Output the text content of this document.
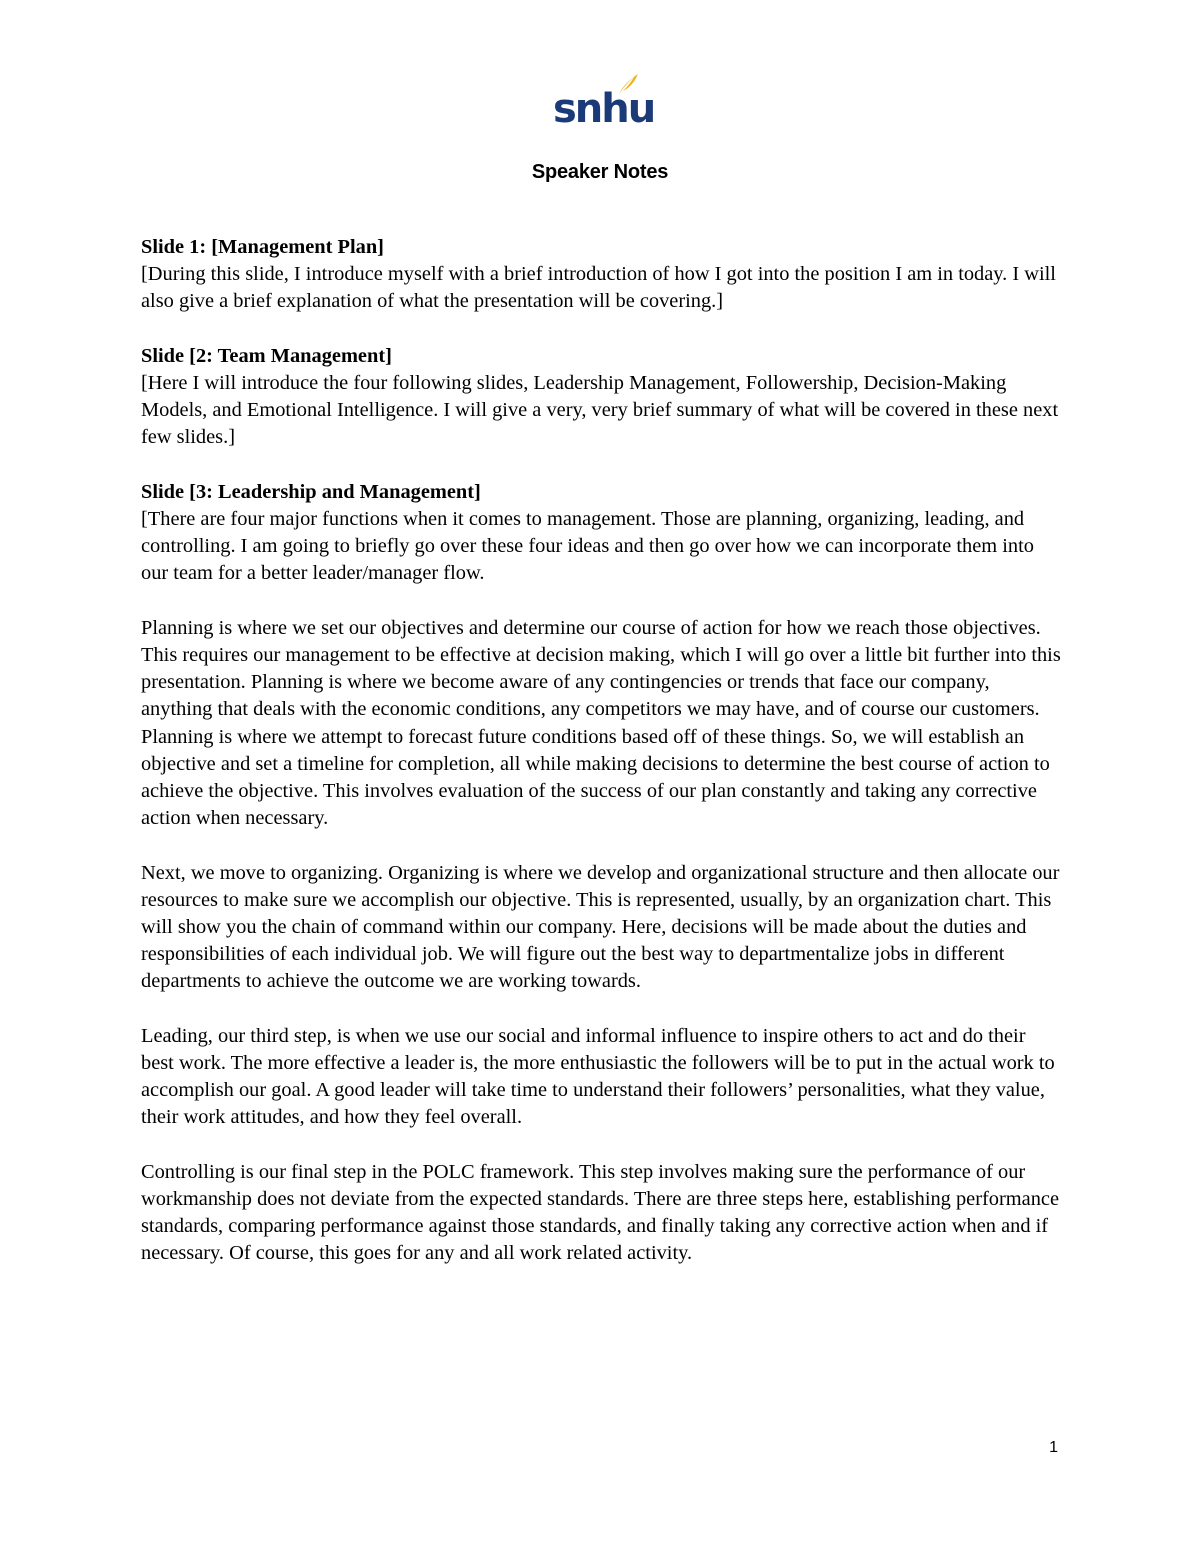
snhu
Speaker Notes
Slide 1: [Management Plan]
[During this slide, I introduce myself with a brief introduction of how I got into the position I am in today. I will also give a brief explanation of what the presentation will be covering.]
Slide [2: Team Management]
[Here I will introduce the four following slides, Leadership Management, Followership, Decision-Making Models, and Emotional Intelligence. I will give a very, very brief summary of what will be covered in these next few slides.]
Slide [3: Leadership and Management]
[There are four major functions when it comes to management. Those are planning, organizing, leading, and controlling. I am going to briefly go over these four ideas and then go over how we can incorporate them into our team for a better leader/manager flow.
Planning is where we set our objectives and determine our course of action for how we reach those objectives. This requires our management to be effective at decision making, which I will go over a little bit further into this presentation. Planning is where we become aware of any contingencies or trends that face our company, anything that deals with the economic conditions, any competitors we may have, and of course our customers. Planning is where we attempt to forecast future conditions based off of these things. So, we will establish an objective and set a timeline for completion, all while making decisions to determine the best course of action to achieve the objective. This involves evaluation of the success of our plan constantly and taking any corrective action when necessary.
Next, we move to organizing. Organizing is where we develop and organizational structure and then allocate our resources to make sure we accomplish our objective. This is represented, usually, by an organization chart. This will show you the chain of command within our company. Here, decisions will be made about the duties and responsibilities of each individual job. We will figure out the best way to departmentalize jobs in different departments to achieve the outcome we are working towards.
Leading, our third step, is when we use our social and informal influence to inspire others to act and do their best work. The more effective a leader is, the more enthusiastic the followers will be to put in the actual work to accomplish our goal. A good leader will take time to understand their followers’ personalities, what they value, their work attitudes, and how they feel overall.
Controlling is our final step in the POLC framework. This step involves making sure the performance of our workmanship does not deviate from the expected standards. There are three steps here, establishing performance standards, comparing performance against those standards, and finally taking any corrective action when and if necessary. Of course, this goes for any and all work related activity.
1
